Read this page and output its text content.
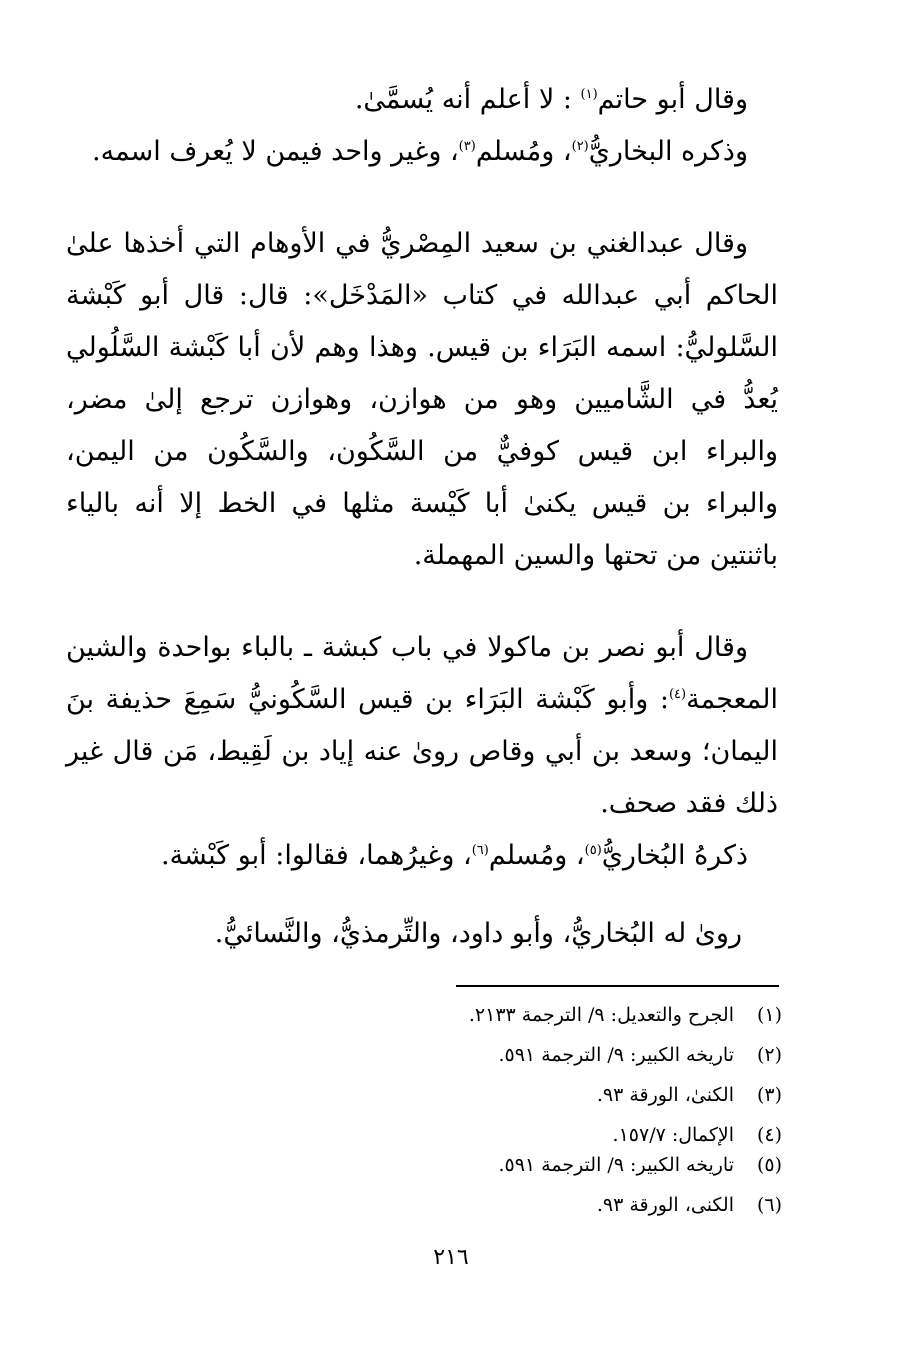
وقال أبو حاتم$^{(١)}$ : لا أعلم أنه يُسمَّىٰ.

وذكره البخاريُّ$^{(٢)}$، ومُسلم$^{(٣)}$، وغير واحد فيمن لا يُعرف اسمه.

وقال عبدالغني بن سعيد المِصْريُّ في الأوهام التي أخذها علىٰ الحاكم أبي عبدالله في كتاب «المَدْخَل»: قال: قال أبو كَبْشة السَّلوليُّ: اسمه البَرَاء بن قيس. وهذا وهم لأن أبا كَبْشة السَّلُولي يُعدُّ في الشَّاميين وهو من هوازن، وهوازن ترجع إلىٰ مضر، والبراء ابن قيس كوفيٌّ من السَّكُون، والسَّكُون من اليمن، والبراء بن قيس يكنىٰ أبا كَيْسة مثلها في الخط إلا أنه بالياء باثنتين من تحتها والسين المهملة.

وقال أبو نصر بن ماكولا في باب كبشة ـ بالباء بواحدة والشين المعجمة$^{(٤)}$: وأبو كَبْشة البَرَاء بن قيس السَّكُونيُّ سَمِعَ حذيفة بنَ اليمان؛ وسعد بن أبي وقاص روىٰ عنه إياد بن لَقِيط، مَن قال غير ذلك فقد صحف.

ذكرهُ البُخاريُّ$^{(٥)}$، ومُسلم$^{(٦)}$، وغيرُهما، فقالوا: أبو كَبْشة.

روىٰ له البُخاريُّ، وأبو داود، والتِّرمذيُّ، والنَّسائيُّ.

(١)
الجرح والتعديل: ٩/ الترجمة ٢١٣٣.
(٢)
تاريخه الكبير: ٩/ الترجمة ٥٩١.
(٣)
الكنىٰ، الورقة ٩٣.
(٤)
الإكمال: ١٥٧/٧.
(٥)
تاريخه الكبير: ٩/ الترجمة ٥٩١.
(٦)
الكنى، الورقة ٩٣.
٢١٦
